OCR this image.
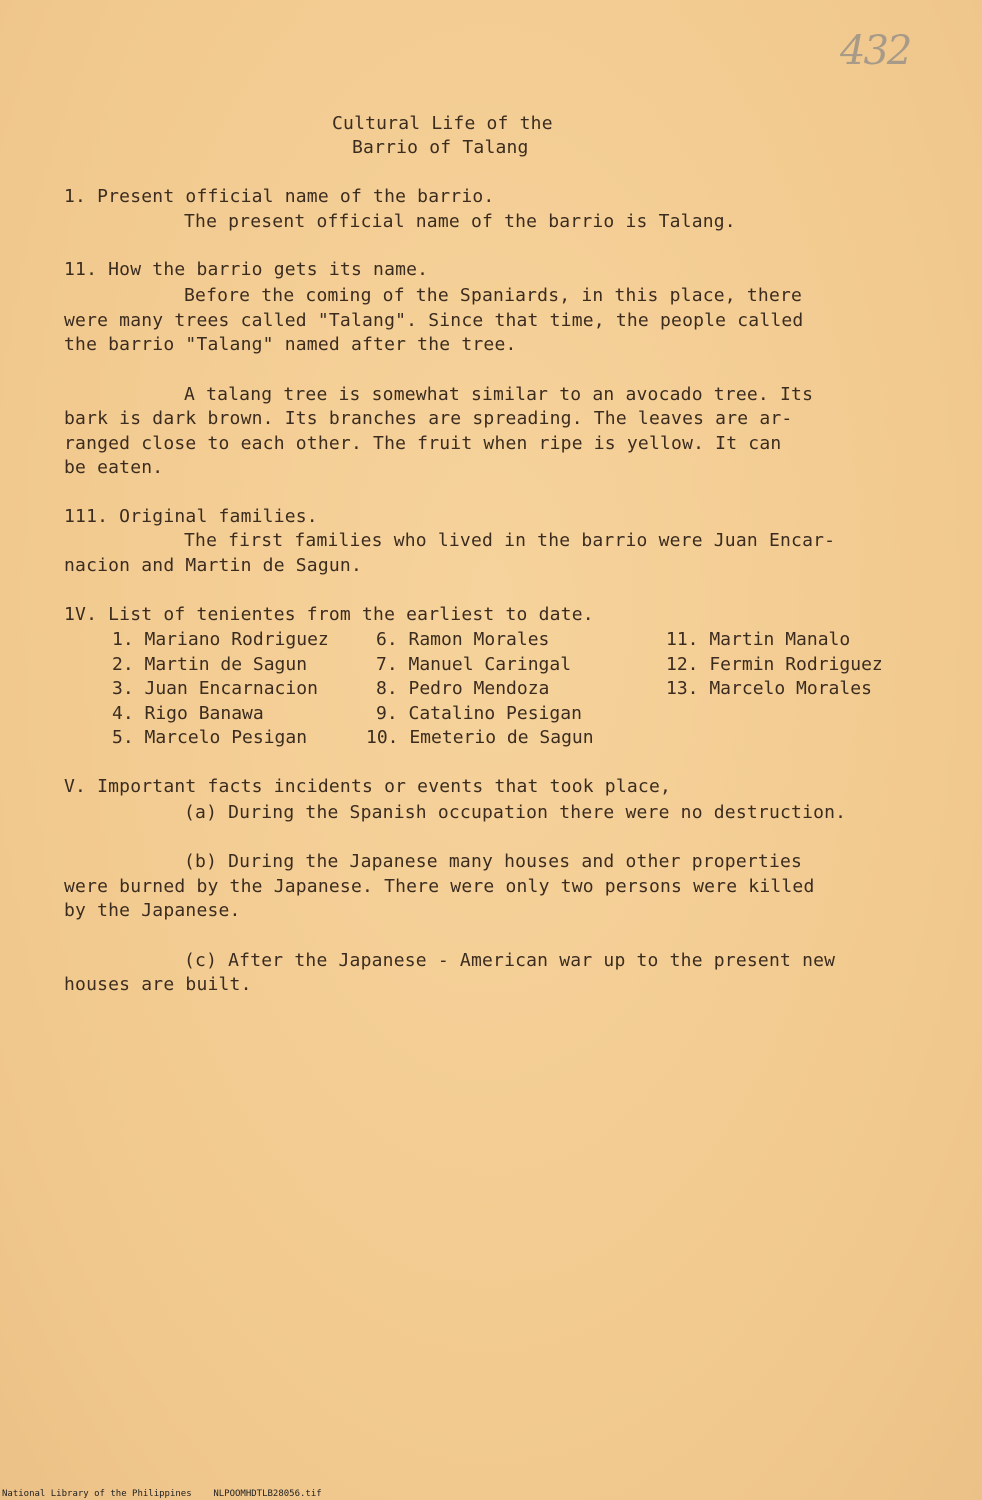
432
Cultural Life of the
Barrio of Talang
1. Present official name of the barrio.
The present official name of the barrio is Talang.
11. How the barrio gets its name.
Before the coming of the Spaniards, in this place, there
were many trees called "Talang". Since that time, the people called
the barrio "Talang" named after the tree.
A talang tree is somewhat similar to an avocado tree. Its
bark is dark brown. Its branches are spreading. The leaves are ar-
ranged close to each other. The fruit when ripe is yellow. It can
be eaten.
111. Original families.
The first families who lived in the barrio were Juan Encar-
nacion and Martin de Sagun.
1V. List of tenientes from the earliest to date.
1. Mariano Rodriguez
2. Martin de Sagun
3. Juan Encarnacion
4. Rigo Banawa
5. Marcelo Pesigan
6. Ramon Morales
7. Manuel Caringal
8. Pedro Mendoza
9. Catalino Pesigan
10. Emeterio de Sagun
11. Martin Manalo
12. Fermin Rodriguez
13. Marcelo Morales
V. Important facts incidents or events that took place,
(a) During the Spanish occupation there were no destruction.
(b) During the Japanese many houses and other properties
were burned by the Japanese. There were only two persons were killed
by the Japanese.
(c) After the Japanese - American war up to the present new
houses are built.
National Library of the Philippines    NLPOOMHDTLB28056.tif
